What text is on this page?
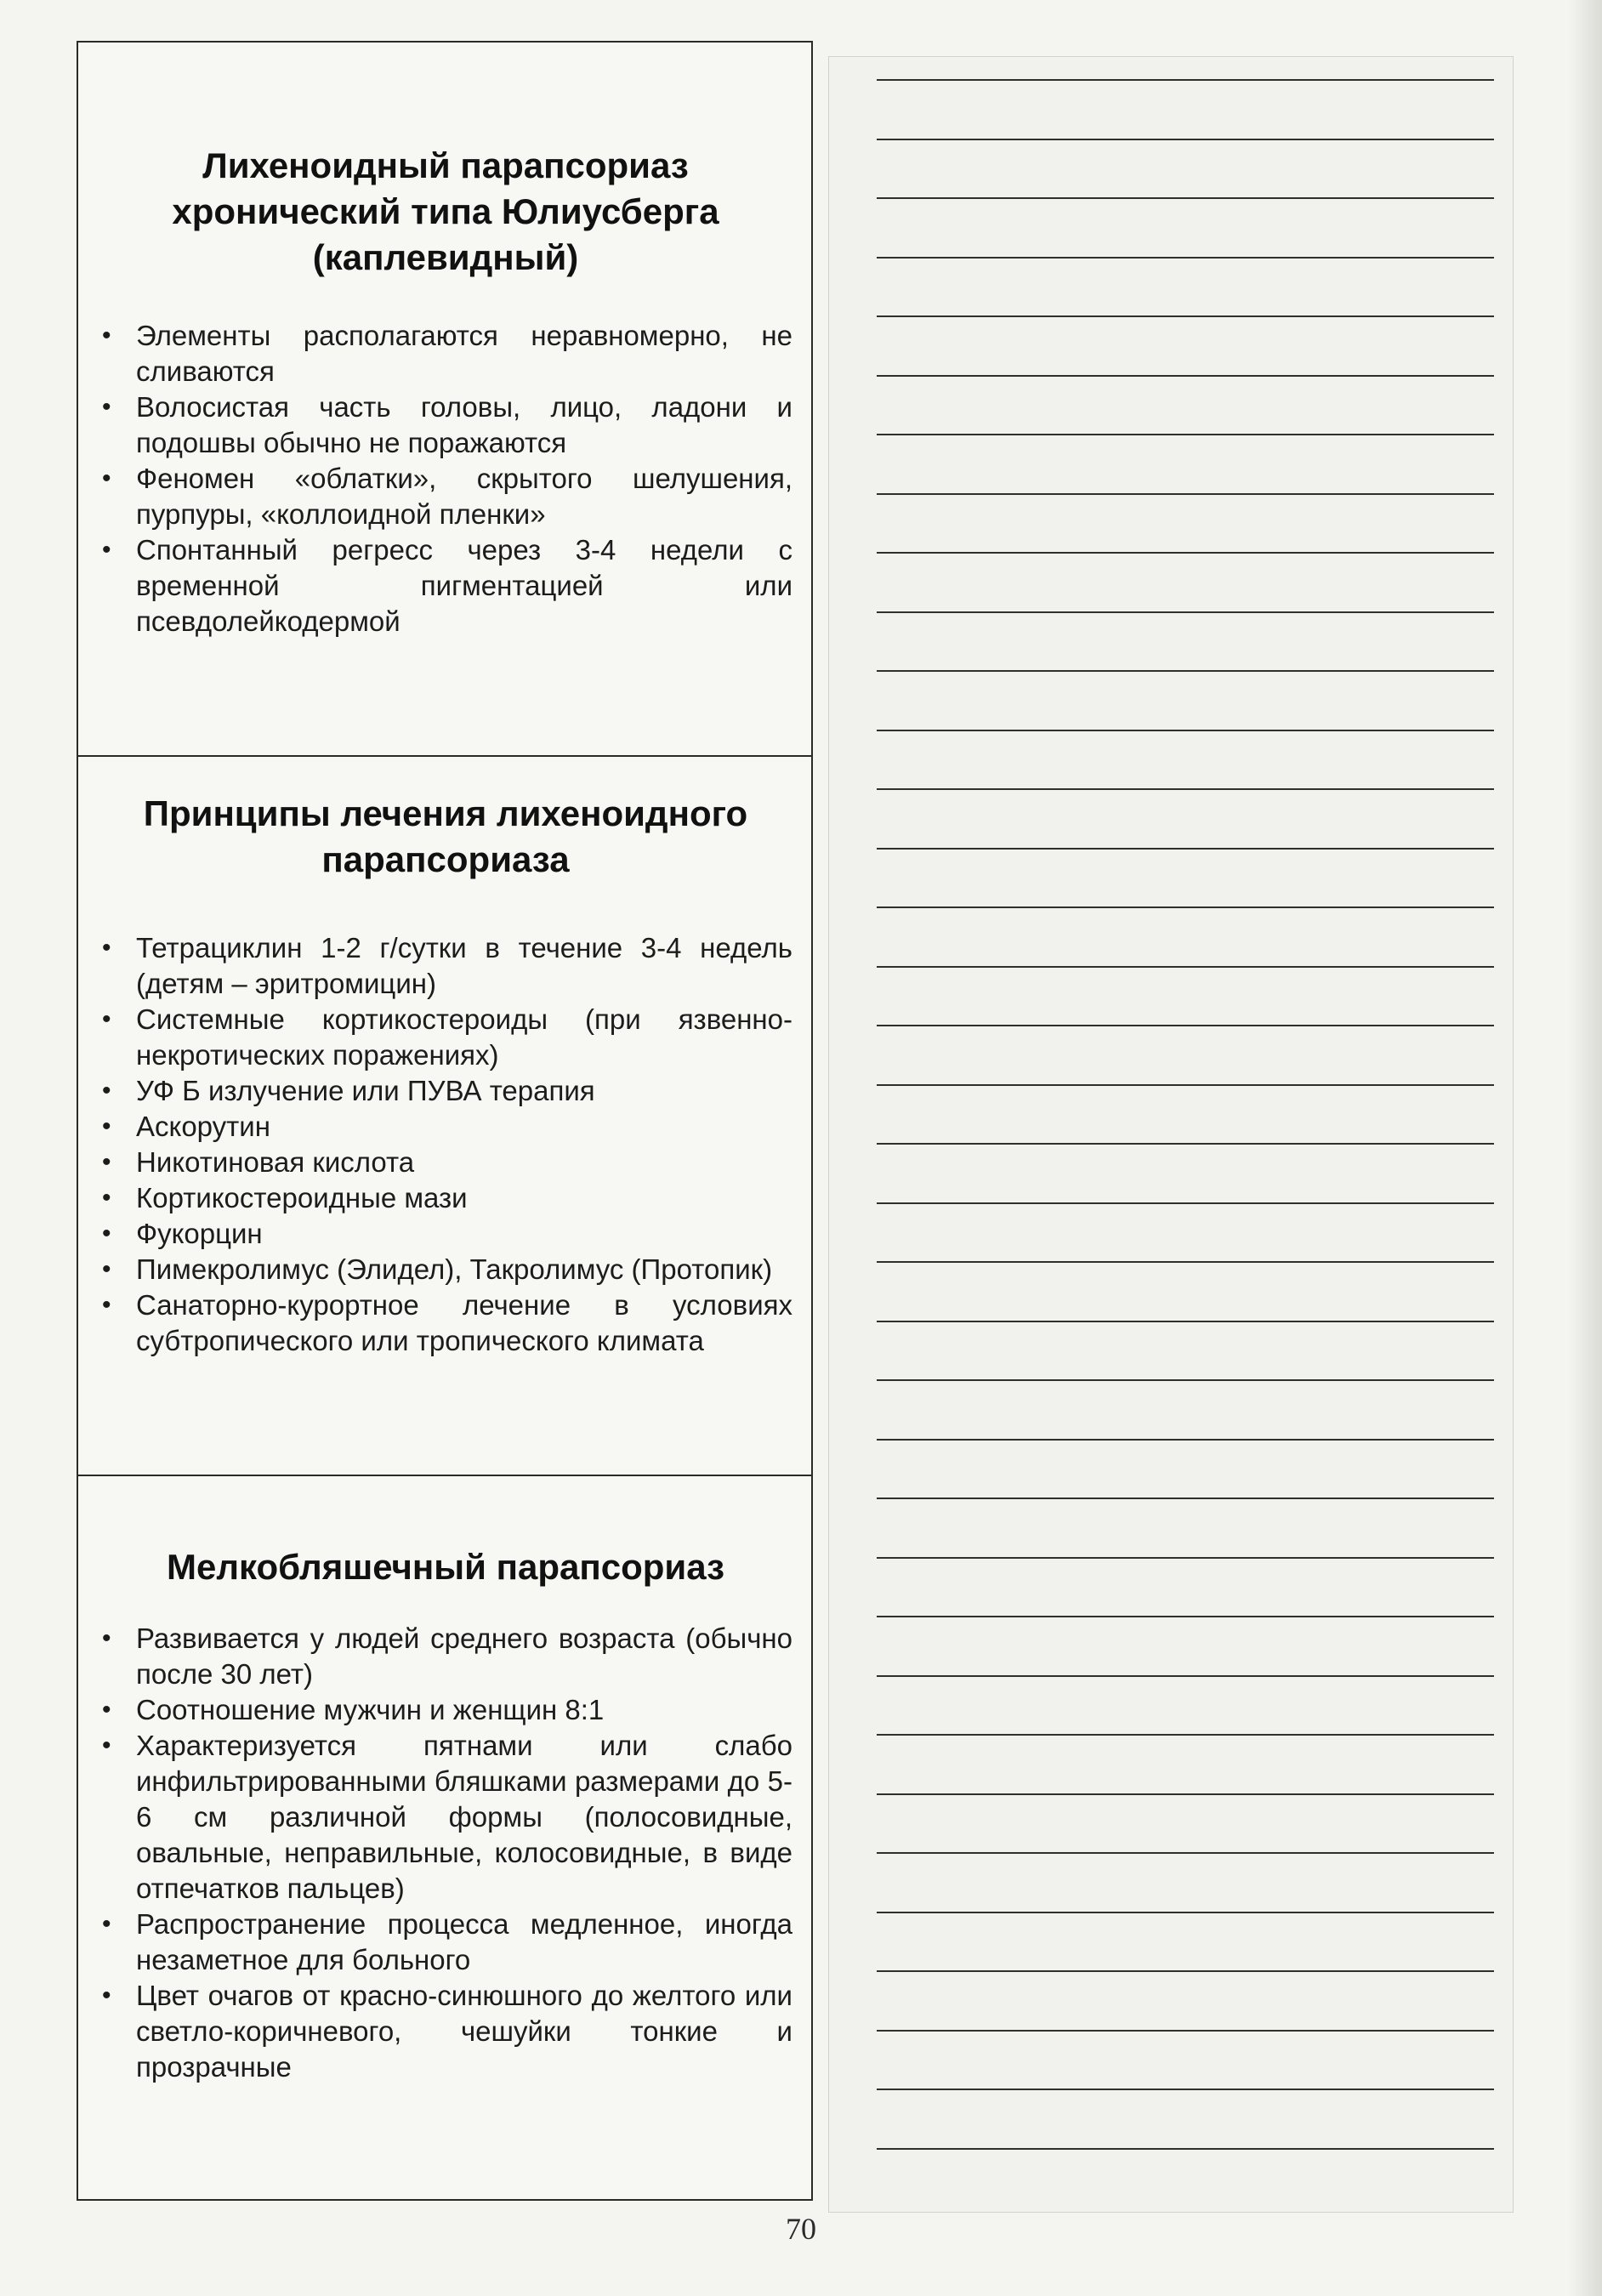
Лихеноидный парапсориаз хронический типа Юлиусберга (каплевидный)
• Элементы располагаются неравномерно, не сливаются
• Волосистая часть головы, лицо, ладони и подошвы обычно не поражаются
• Феномен «облатки», скрытого шелушения, пурпуры, «коллоидной пленки»
• Спонтанный регресс через 3-4 недели с временной пигментацией или псевдолейкодермой
Принципы лечения лихеноидного парапсориаза
• Тетрациклин 1-2 г/сутки в течение 3-4 недель (детям – эритромицин)
• Системные кортикостероиды (при язвенно-некротических поражениях)
• УФ Б излучение или ПУВА терапия
• Аскорутин
• Никотиновая кислота
• Кортикостероидные мази
• Фукорцин
• Пимекролимус (Элидел), Такролимус (Протопик)
• Санаторно-курортное лечение в условиях субтропического или тропического климата
Мелкобляшечный парапсориаз
• Развивается у людей среднего возраста (обычно после 30 лет)
• Соотношение мужчин и женщин 8:1
• Характеризуется пятнами или слабо инфильтрированными бляшками размерами до 5-6 см различной формы (полосовидные, овальные, неправильные, колосовидные, в виде отпечатков пальцев)
• Распространение процесса медленное, иногда незаметное для больного
• Цвет очагов от красно-синюшного до желтого или светло-коричневого, чешуйки тонкие и прозрачные
70
